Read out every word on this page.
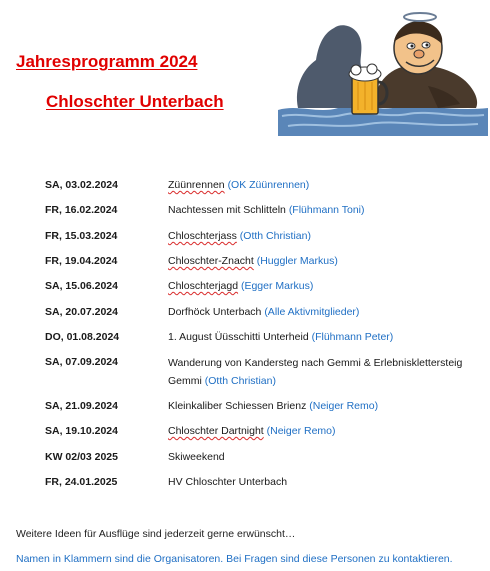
Jahresprogramm 2024
Chloschter Unterbach
SA, 03.02.2024	Züünrennen (OK Züünrennen)
FR, 16.02.2024	Nachtessen mit Schlitteln (Flühmann Toni)
FR, 15.03.2024	Chloschterjass (Otth Christian)
FR, 19.04.2024	Chloschter-Znacht (Huggler Markus)
SA, 15.06.2024	Chloschterjagd (Egger Markus)
SA, 20.07.2024	Dorfhöck Unterbach (Alle Aktivmitglieder)
DO, 01.08.2024	1. August Üüsschitti Unterheid (Flühmann Peter)
SA, 07.09.2024	Wanderung von Kandersteg nach Gemmi & Erlebnisklettersteig Gemmi (Otth Christian)
SA, 21.09.2024	Kleinkaliber Schiessen Brienz (Neiger Remo)
SA, 19.10.2024	Chloschter Dartnight (Neiger Remo)
KW 02/03 2025	Skiweekend
FR, 24.01.2025	HV Chloschter Unterbach
Weitere Ideen für Ausflüge sind jederzeit gerne erwünscht…
Namen in Klammern sind die Organisatoren. Bei Fragen sind diese Personen zu kontaktieren.
